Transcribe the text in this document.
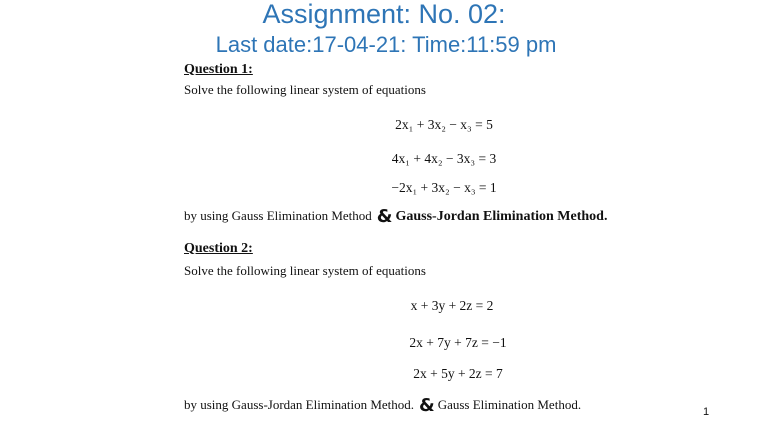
Assignment: No. 02:
Last date:17-04-21: Time:11:59 pm
Question 1:
Solve the following linear system of equations
2x₁ + 3x₂ − x₃ = 5
4x₁ + 4x₂ − 3x₃ = 3
−2x₁ + 3x₂ − x₃ = 1
by using Gauss Elimination Method & Gauss-Jordan Elimination Method.
Question 2:
Solve the following linear system of equations
x + 3y + 2z = 2
2x + 7y + 7z = −1
2x + 5y + 2z = 7
by using Gauss-Jordan Elimination Method. & Gauss Elimination Method.	1
